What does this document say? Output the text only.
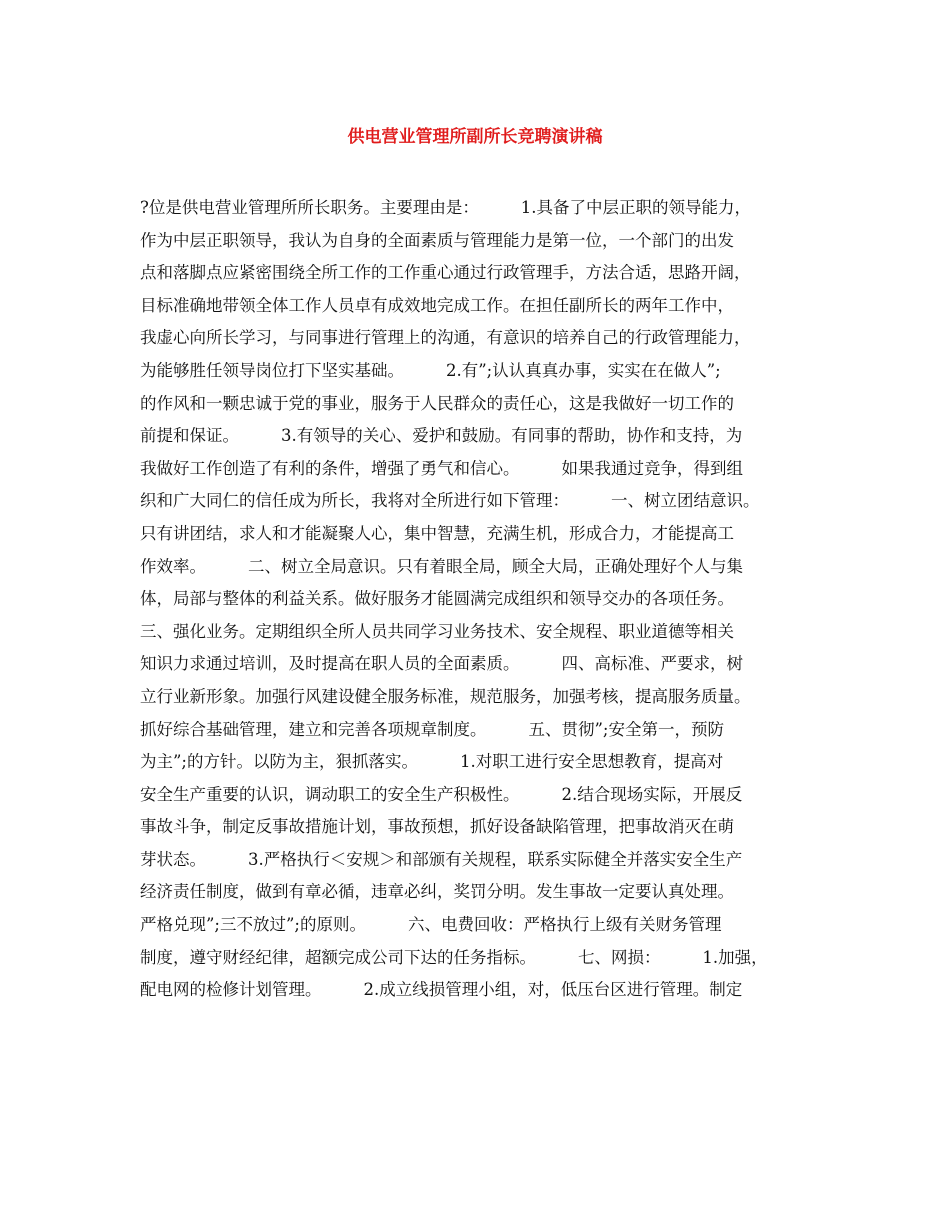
供电营业管理所副所长竞聘演讲稿
?位是供电营业管理所所长职务。主要理由是：        1.具备了中层正职的领导能力，
作为中层正职领导，我认为自身的全面素质与管理能力是第一位，一个部门的出发
点和落脚点应紧密围绕全所工作的工作重心通过行政管理手，方法合适，思路开阔，
目标准确地带领全体工作人员卓有成效地完成工作。在担任副所长的两年工作中，
我虚心向所长学习，与同事进行管理上的沟通，有意识的培养自己的行政管理能力，
为能够胜任领导岗位打下坚实基础。        2.有”;认认真真办事，实实在在做人”;
的作风和一颗忠诚于党的事业，服务于人民群众的责任心，这是我做好一切工作的
前提和保证。        3.有领导的关心、爱护和鼓励。有同事的帮助，协作和支持，为
我做好工作创造了有利的条件，增强了勇气和信心。        如果我通过竞争，得到组
织和广大同仁的信任成为所长，我将对全所进行如下管理：        一、树立团结意识。
只有讲团结，求人和才能凝聚人心，集中智慧，充满生机，形成合力，才能提高工
作效率。        二、树立全局意识。只有着眼全局，顾全大局，正确处理好个人与集
体，局部与整体的利益关系。做好服务才能圆满完成组织和领导交办的各项任务。
三、强化业务。定期组织全所人员共同学习业务技术、安全规程、职业道德等相关
知识力求通过培训，及时提高在职人员的全面素质。        四、高标准、严要求，树
立行业新形象。加强行风建设健全服务标准，规范服务，加强考核，提高服务质量。
抓好综合基础管理，建立和完善各项规章制度。        五、贯彻”;安全第一，预防
为主”;的方针。以防为主，狠抓落实。        1.对职工进行安全思想教育，提高对
安全生产重要的认识，调动职工的安全生产积极性。        2.结合现场实际，开展反
事故斗争，制定反事故措施计划，事故预想，抓好设备缺陷管理，把事故消灭在萌
芽状态。        3.严格执行＜安规＞和部颁有关规程，联系实际健全并落实安全生产
经济责任制度，做到有章必循，违章必纠，奖罚分明。发生事故一定要认真处理。
严格兑现”;三不放过”;的原则。        六、电费回收：严格执行上级有关财务管理
制度，遵守财经纪律，超额完成公司下达的任务指标。        七、网损：        1.加强，
配电网的检修计划管理。        2.成立线损管理小组，对，低压台区进行管理。制定
